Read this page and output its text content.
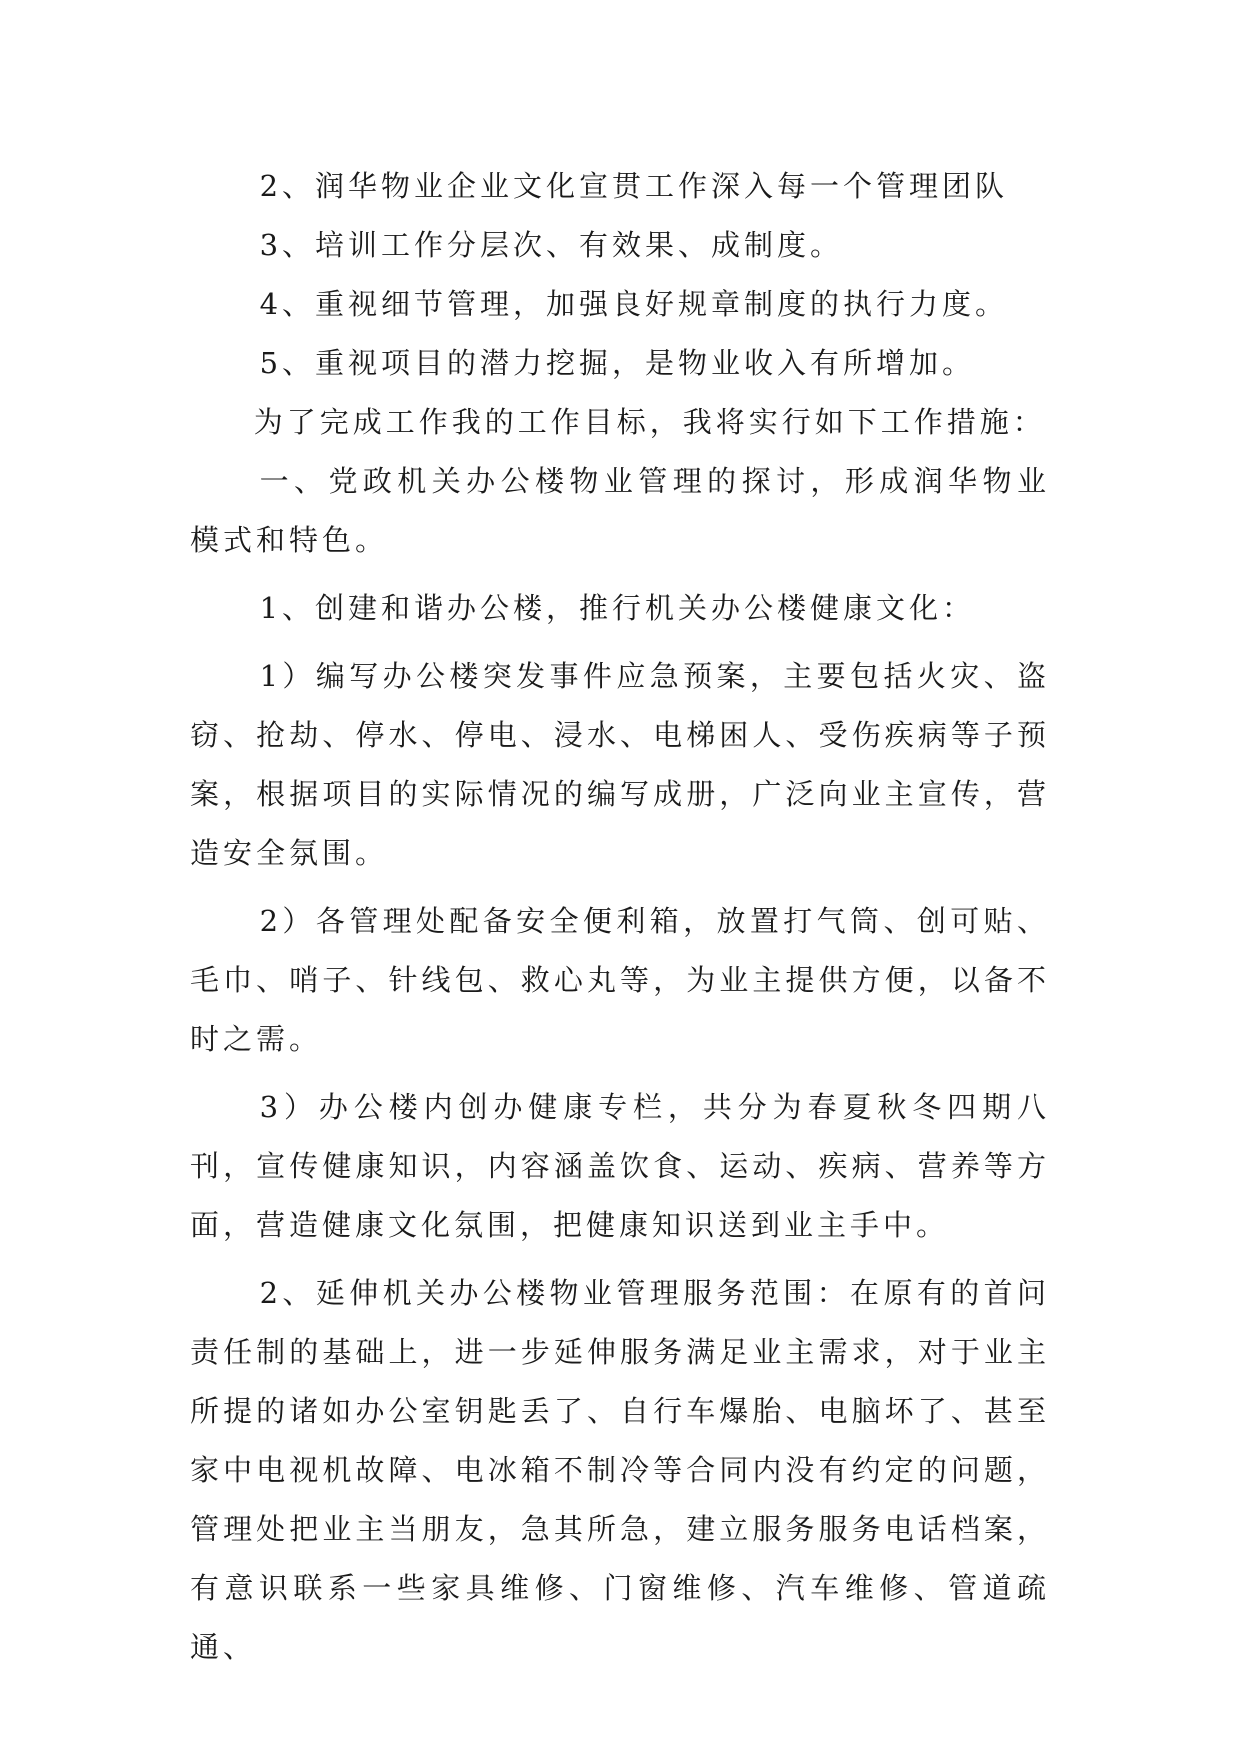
2、润华物业企业文化宣贯工作深入每一个管理团队

3、培训工作分层次、有效果、成制度。

4、重视细节管理，加强良好规章制度的执行力度。

5、重视项目的潜力挖掘，是物业收入有所增加。

为了完成工作我的工作目标，我将实行如下工作措施：

一、党政机关办公楼物业管理的探讨，形成润华物业模式和特色。

1、创建和谐办公楼，推行机关办公楼健康文化：

1）编写办公楼突发事件应急预案，主要包括火灾、盗窃、抢劫、停水、停电、浸水、电梯困人、受伤疾病等子预案，根据项目的实际情况的编写成册，广泛向业主宣传，营造安全氛围。

2）各管理处配备安全便利箱，放置打气筒、创可贴、毛巾、哨子、针线包、救心丸等，为业主提供方便，以备不时之需。

3）办公楼内创办健康专栏，共分为春夏秋冬四期八刊，宣传健康知识，内容涵盖饮食、运动、疾病、营养等方面，营造健康文化氛围，把健康知识送到业主手中。

2、延伸机关办公楼物业管理服务范围：在原有的首问责任制的基础上，进一步延伸服务满足业主需求，对于业主所提的诸如办公室钥匙丢了、自行车爆胎、电脑坏了、甚至家中电视机故障、电冰箱不制冷等合同内没有约定的问题，管理处把业主当朋友，急其所急，建立服务服务电话档案，有意识联系一些家具维修、门窗维修、汽车维修、管道疏通、
